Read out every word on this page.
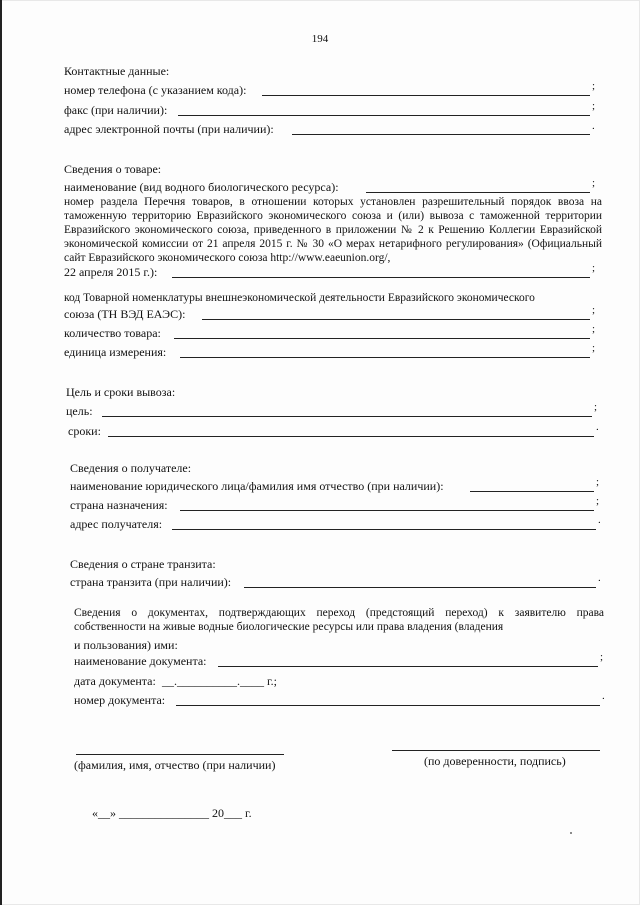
194
Контактные данные:
номер телефона (с указанием кода):	;
факс (при наличии):	;
адрес электронной почты (при наличии):	.
Сведения о товаре:
наименование (вид водного биологического ресурса):	;
номер раздела Перечня товаров, в отношении которых установлен разрешительный порядок ввоза на таможенную территорию Евразийского экономического союза и (или) вывоза с таможенной территории Евразийского экономического союза, приведенного в приложении № 2 к Решению Коллегии Евразийской экономической комиссии от 21 апреля 2015 г. № 30 «О мерах нетарифного регулирования» (Официальный сайт Евразийского экономического союза http://www.eaeunion.org/,
22 апреля 2015 г.):	;
код Товарной номенклатуры внешнеэкономической деятельности Евразийского экономического
союза (ТН ВЭД ЕАЭС):	;
количество товара:	;
единица измерения:	;
Цель и сроки вывоза:
цель:	;
сроки:	.
Сведения о получателе:
наименование юридического лица/фамилия имя отчество (при наличии):	;
страна назначения:	;
адрес получателя:	.
Сведения о стране транзита:
страна транзита (при наличии):	.
Сведения о документах, подтверждающих переход (предстоящий переход) к заявителю права собственности на живые водные биологические ресурсы или права владения (владения
и пользования) ими:
наименование документа:	;
дата документа: __.__________.____ г.;
номер документа:	.
(фамилия, имя, отчество (при наличии)	(по доверенности, подпись)
«__» _______________ 20___ г.
